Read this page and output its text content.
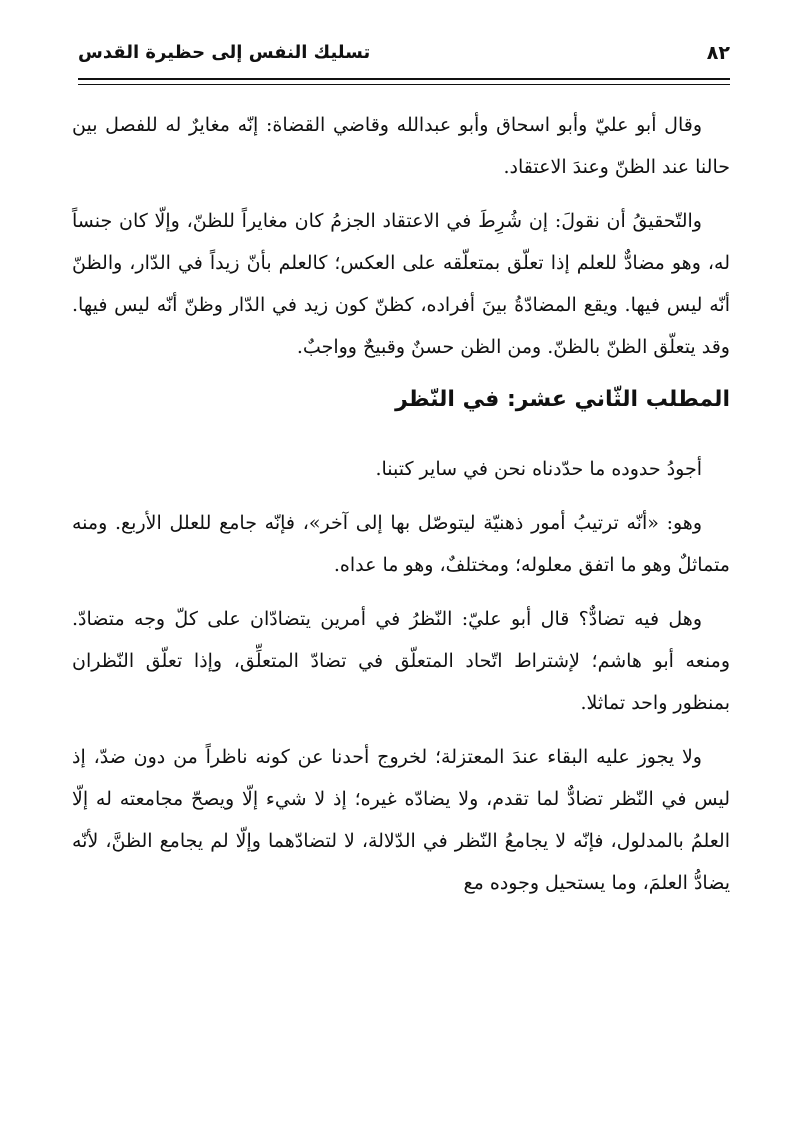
٨٢
تسليك النفس إلى حظيرة القدس

وقال أبو عليّ وأبو اسحاق وأبو عبدالله وقاضي القضاة: إنّه مغايرٌ له للفصل بين حالنا عند الظنّ وعندَ الاعتقاد.

والتّحقيقُ أن نقولَ: إن شُرِطَ في الاعتقاد الجزمُ كان مغايراً للظنّ، وإلّا كان جنساً له، وهو مضادٌّ للعلم إذا تعلّق بمتعلّقه على العكس؛ كالعلم بأنّ زيداً في الدّار، والظنّ أنّه ليس فيها. ويقع المضادّةُ بينَ أفراده، كظنّ كون زيد في الدّار وظنّ أنّه ليس فيها. وقد يتعلّق الظنّ بالظنّ. ومن الظن حسنٌ وقبيحٌ وواجبٌ.

المطلب الثّاني عشر: في النّظر

أجودُ حدوده ما حدّدناه نحن في ساير كتبنا.

وهو: «أنّه ترتيبُ أمور ذهنيّة ليتوصّل بها إلى آخر»، فإنّه جامع للعلل الأربع. ومنه متماثلٌ وهو ما اتفق معلوله؛ ومختلفٌ، وهو ما عداه.

وهل فيه تضادٌّ؟ قال أبو عليّ: النّظرُ في أمرين يتضادّان على كلّ وجه متضادّ. ومنعه أبو هاشم؛ لإشتراط اتّحاد المتعلّق في تضادّ المتعلِّق، وإذا تعلّق النّظران بمنظور واحد تماثلا.

ولا يجوز عليه البقاء عندَ المعتزلة؛ لخروج أحدنا عن كونه ناظراً من دون ضدّ، إذ ليس في النّظر تضادٌّ لما تقدم، ولا يضادّه غيره؛ إذ لا شيء إلّا ويصحّ مجامعته له إلّا العلمُ بالمدلول، فإنّه لا يجامعُ النّظر في الدّلالة، لا لتضادّهما وإلّا لم يجامع الظنَّ، لأنّه يضادُّ العلمَ، وما يستحيل وجوده مع
